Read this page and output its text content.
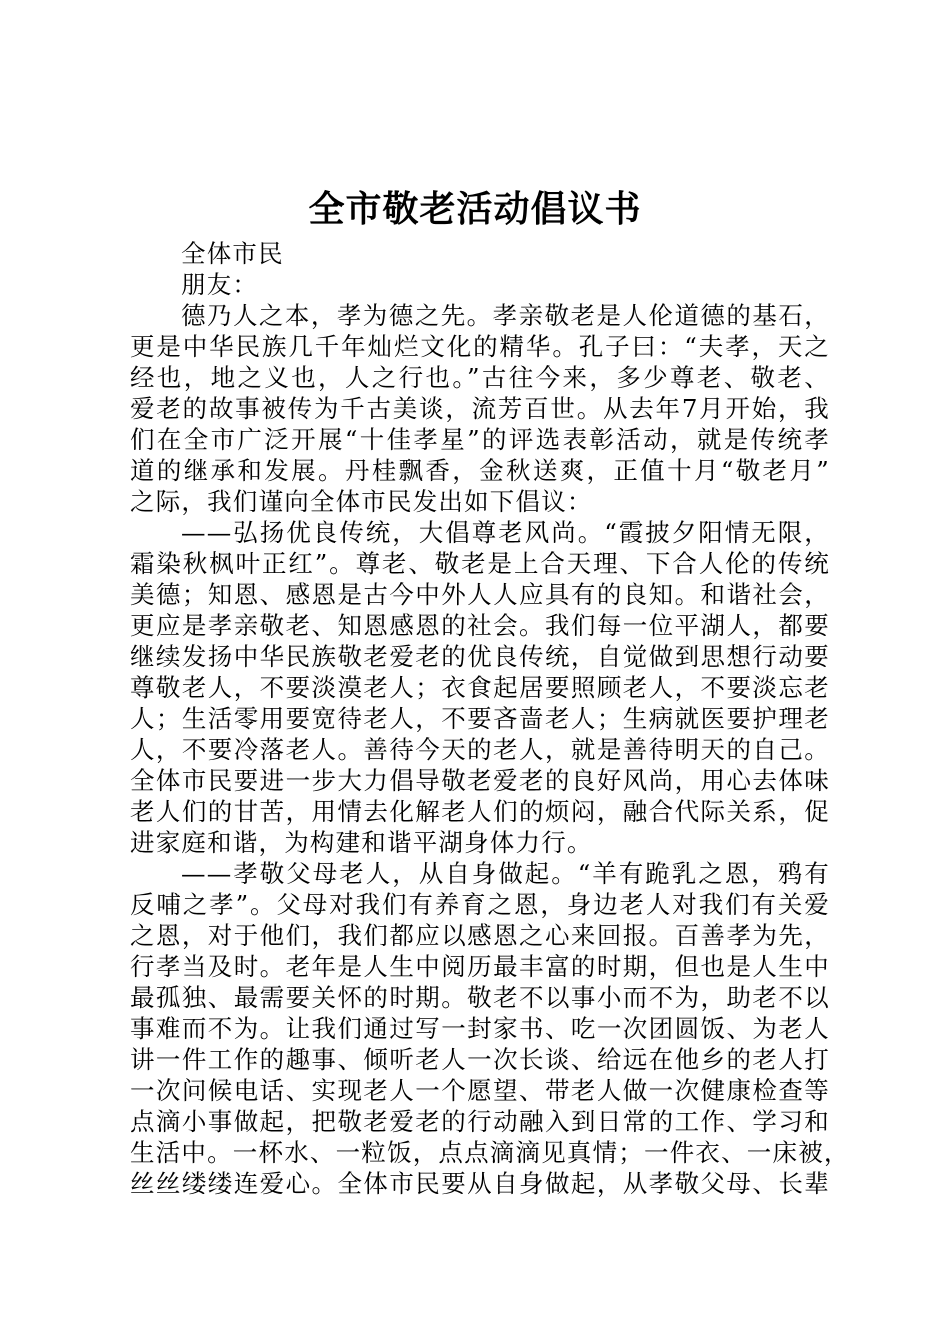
全市敬老活动倡议书
全体市民
朋友：
德乃人之本，孝为德之先。孝亲敬老是人伦道德的基石，
更是中华民族几千年灿烂文化的精华。孔子曰：“夫孝，天之
经也，地之义也，人之行也。”古往今来，多少尊老、敬老、
爱老的故事被传为千古美谈，流芳百世。从去年7月开始，我
们在全市广泛开展“十佳孝星”的评选表彰活动，就是传统孝
道的继承和发展。丹桂飘香，金秋送爽，正值十月“敬老月”
之际，我们谨向全体市民发出如下倡议：
——弘扬优良传统，大倡尊老风尚。“霞披夕阳情无限，
霜染秋枫叶正红”。尊老、敬老是上合天理、下合人伦的传统
美德；知恩、感恩是古今中外人人应具有的良知。和谐社会，
更应是孝亲敬老、知恩感恩的社会。我们每一位平湖人，都要
继续发扬中华民族敬老爱老的优良传统，自觉做到思想行动要
尊敬老人，不要淡漠老人；衣食起居要照顾老人，不要淡忘老
人；生活零用要宽待老人，不要吝啬老人；生病就医要护理老
人，不要冷落老人。善待今天的老人，就是善待明天的自己。
全体市民要进一步大力倡导敬老爱老的良好风尚，用心去体味
老人们的甘苦，用情去化解老人们的烦闷，融合代际关系，促
进家庭和谐，为构建和谐平湖身体力行。
——孝敬父母老人，从自身做起。“羊有跪乳之恩，鸦有
反哺之孝”。父母对我们有养育之恩，身边老人对我们有关爱
之恩，对于他们，我们都应以感恩之心来回报。百善孝为先，
行孝当及时。老年是人生中阅历最丰富的时期，但也是人生中
最孤独、最需要关怀的时期。敬老不以事小而不为，助老不以
事难而不为。让我们通过写一封家书、吃一次团圆饭、为老人
讲一件工作的趣事、倾听老人一次长谈、给远在他乡的老人打
一次问候电话、实现老人一个愿望、带老人做一次健康检查等
点滴小事做起，把敬老爱老的行动融入到日常的工作、学习和
生活中。一杯水、一粒饭，点点滴滴见真情；一件衣、一床被，
丝丝缕缕连爱心。全体市民要从自身做起，从孝敬父母、长辈
